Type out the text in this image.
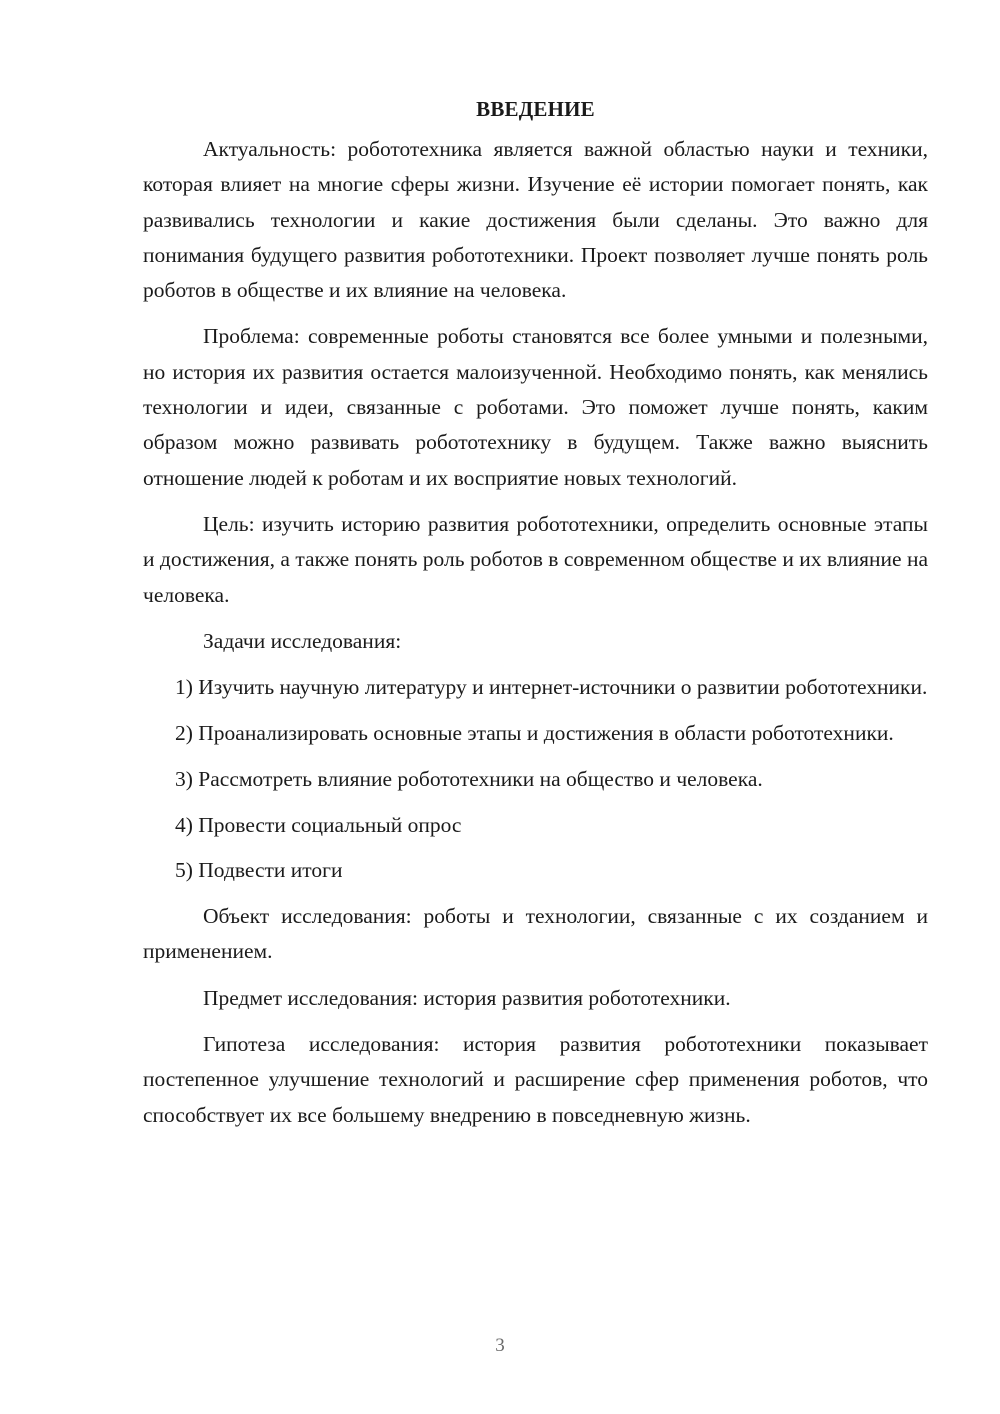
ВВЕДЕНИЕ

Актуальность: робототехника является важной областью науки и техники, которая влияет на многие сферы жизни. Изучение её истории помогает понять, как развивались технологии и какие достижения были сделаны. Это важно для понимания будущего развития робототехники. Проект позволяет лучше понять роль роботов в обществе и их влияние на человека.

Проблема: современные роботы становятся все более умными и полезными, но история их развития остается малоизученной. Необходимо понять, как менялись технологии и идеи, связанные с роботами. Это поможет лучше понять, каким образом можно развивать робототехнику в будущем. Также важно выяснить отношение людей к роботам и их восприятие новых технологий.

Цель: изучить историю развития робототехники, определить основные этапы и достижения, а также понять роль роботов в современном обществе и их влияние на человека.

Задачи исследования:

1) Изучить научную литературу и интернет-источники о развитии робототехники.

2) Проанализировать основные этапы и достижения в области робототехники.

3) Рассмотреть влияние робототехники на общество и человека.

4) Провести социальный опрос

5) Подвести итоги

Объект исследования: роботы и технологии, связанные с их созданием и применением.

Предмет исследования: история развития робототехники.

Гипотеза исследования: история развития робототехники показывает постепенное улучшение технологий и расширение сфер применения роботов, что способствует их все большему внедрению в повседневную жизнь.

3
